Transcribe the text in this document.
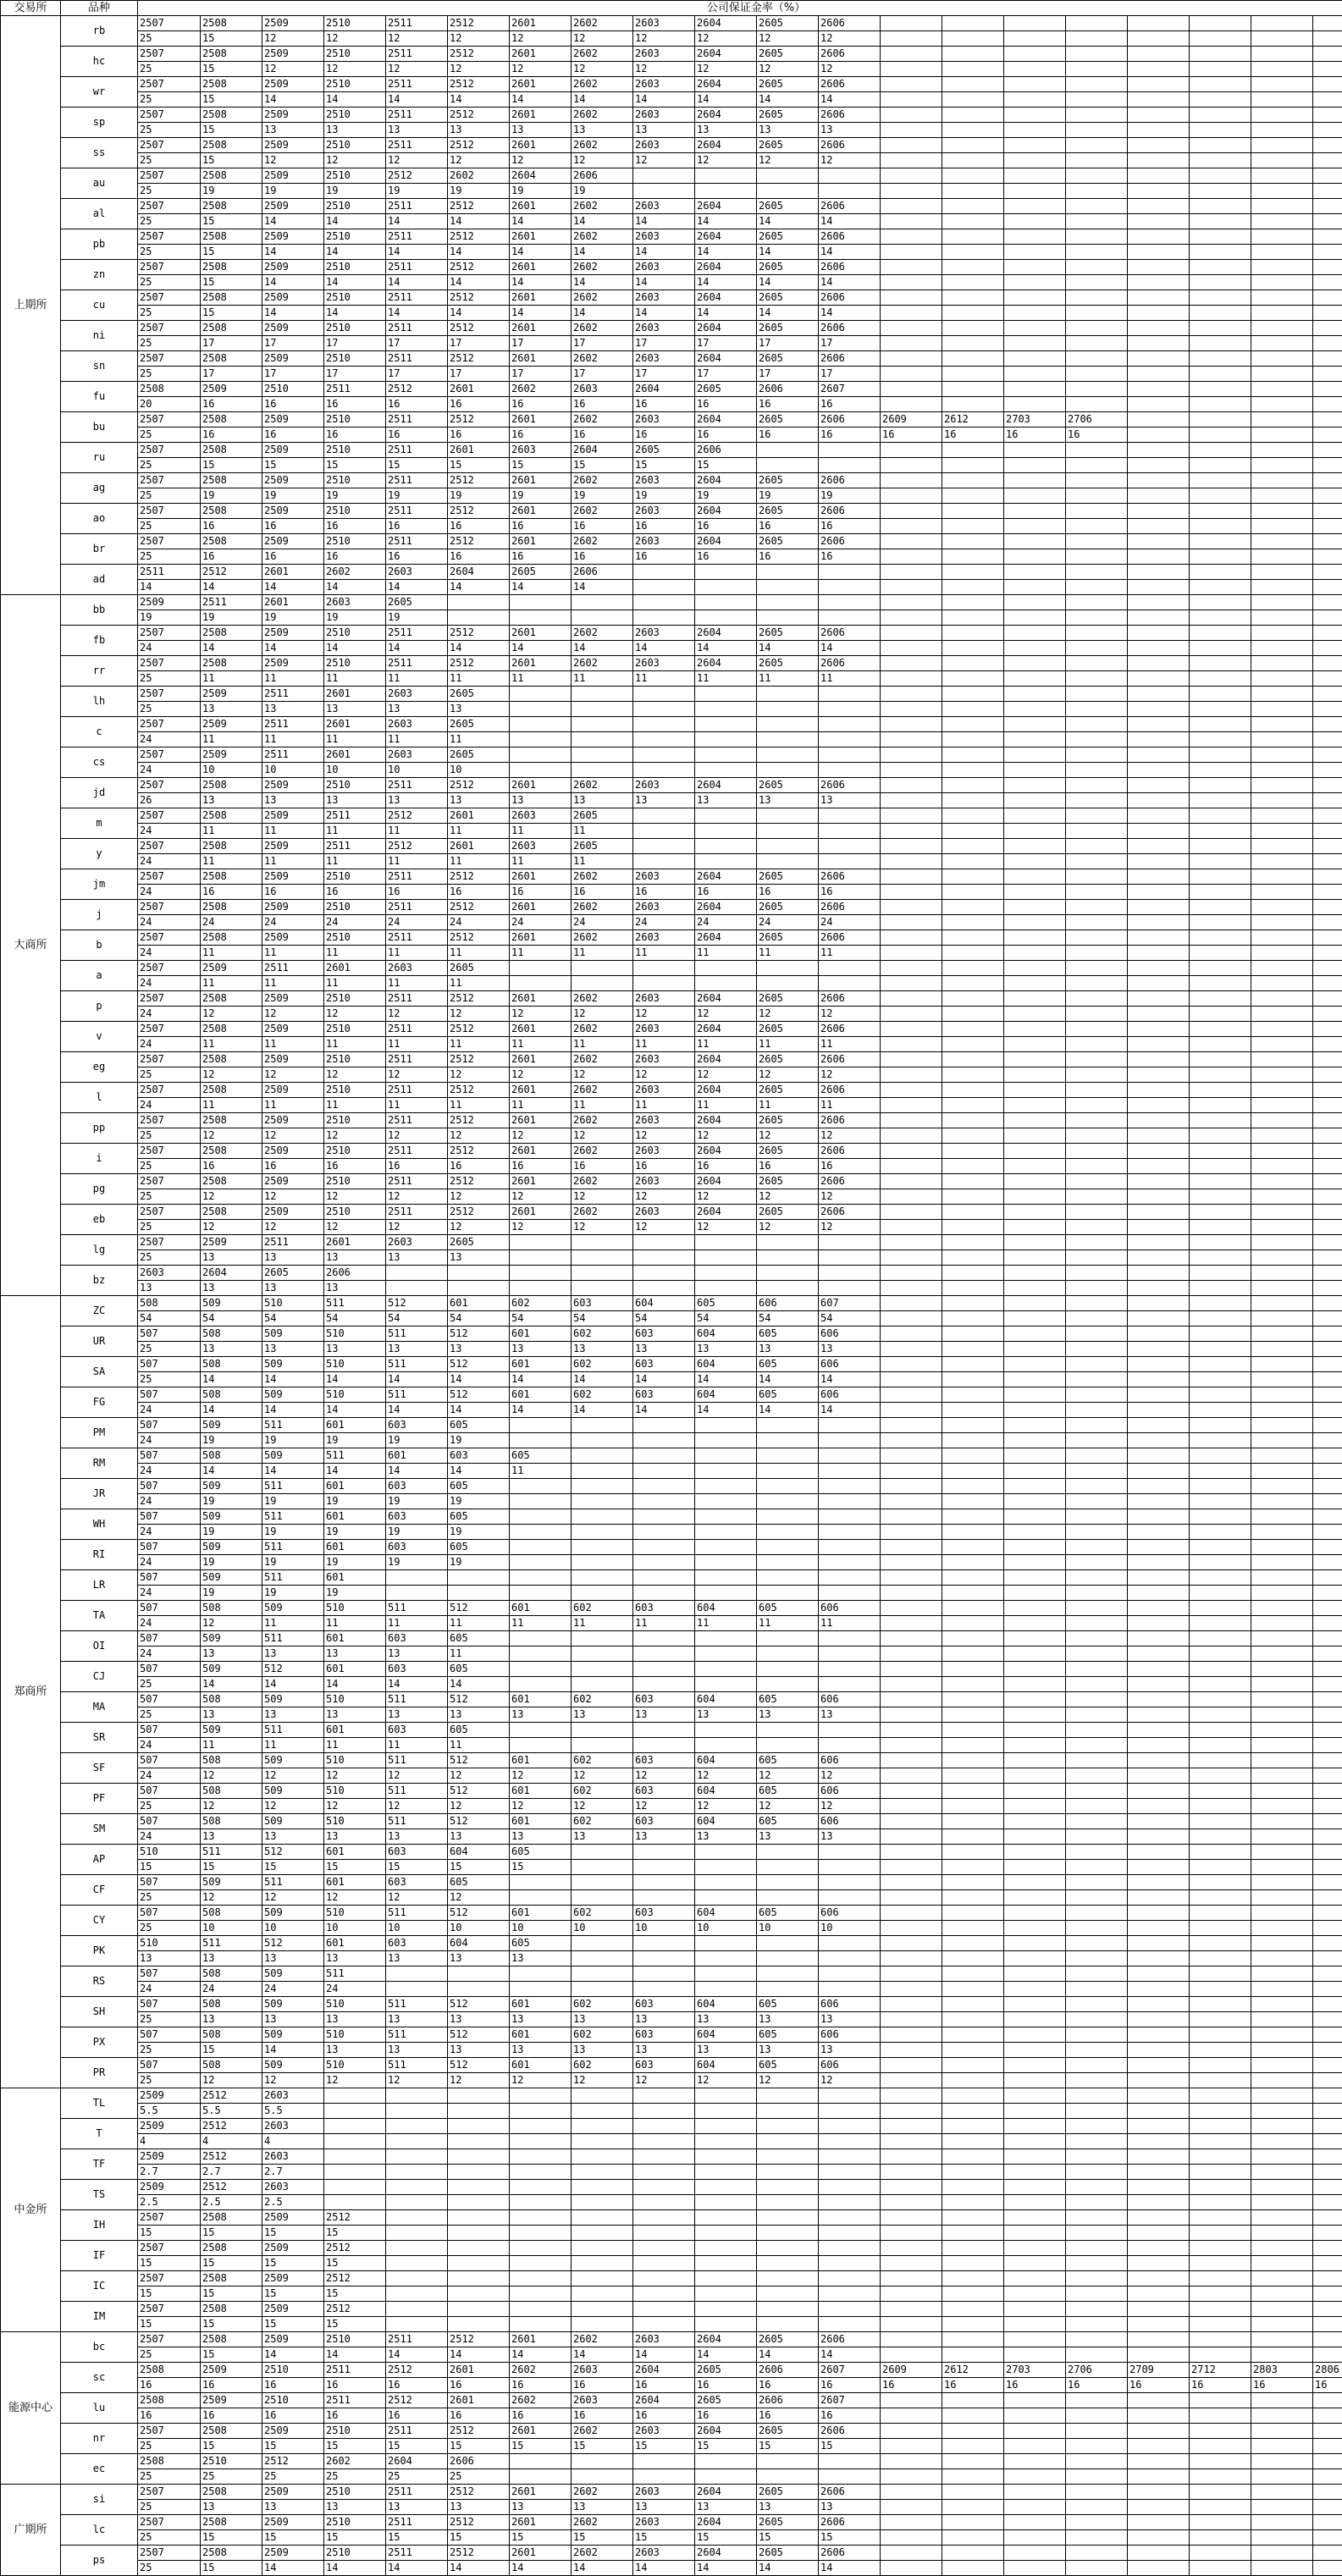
交易所	品种	公司保证金率（%）																			
上期所	rb	2507	2508	2509	2510	2511	2512	2601	2602	2603	2604	2605	2606								
		25	15	12	12	12	12	12	12	12	12	12	12								
	hc	2507	2508	2509	2510	2511	2512	2601	2602	2603	2604	2605	2606								
		25	15	12	12	12	12	12	12	12	12	12	12								
	wr	2507	2508	2509	2510	2511	2512	2601	2602	2603	2604	2605	2606								
		25	15	14	14	14	14	14	14	14	14	14	14								
	sp	2507	2508	2509	2510	2511	2512	2601	2602	2603	2604	2605	2606								
		25	15	13	13	13	13	13	13	13	13	13	13								
	ss	2507	2508	2509	2510	2511	2512	2601	2602	2603	2604	2605	2606								
		25	15	12	12	12	12	12	12	12	12	12	12								
	au	2507	2508	2509	2510	2512	2602	2604	2606												
		25	19	19	19	19	19	19	19												
	al	2507	2508	2509	2510	2511	2512	2601	2602	2603	2604	2605	2606								
		25	15	14	14	14	14	14	14	14	14	14	14								
	pb	2507	2508	2509	2510	2511	2512	2601	2602	2603	2604	2605	2606								
		25	15	14	14	14	14	14	14	14	14	14	14								
	zn	2507	2508	2509	2510	2511	2512	2601	2602	2603	2604	2605	2606								
		25	15	14	14	14	14	14	14	14	14	14	14								
	cu	2507	2508	2509	2510	2511	2512	2601	2602	2603	2604	2605	2606								
		25	15	14	14	14	14	14	14	14	14	14	14								
	ni	2507	2508	2509	2510	2511	2512	2601	2602	2603	2604	2605	2606								
		25	17	17	17	17	17	17	17	17	17	17	17								
	sn	2507	2508	2509	2510	2511	2512	2601	2602	2603	2604	2605	2606								
		25	17	17	17	17	17	17	17	17	17	17	17								
	fu	2508	2509	2510	2511	2512	2601	2602	2603	2604	2605	2606	2607								
		20	16	16	16	16	16	16	16	16	16	16	16								
	bu	2507	2508	2509	2510	2511	2512	2601	2602	2603	2604	2605	2606	2609	2612	2703	2706				
		25	16	16	16	16	16	16	16	16	16	16	16	16	16	16	16				
	ru	2507	2508	2509	2510	2511	2601	2603	2604	2605	2606										
		25	15	15	15	15	15	15	15	15	15										
	ag	2507	2508	2509	2510	2511	2512	2601	2602	2603	2604	2605	2606								
		25	19	19	19	19	19	19	19	19	19	19	19								
	ao	2507	2508	2509	2510	2511	2512	2601	2602	2603	2604	2605	2606								
		25	16	16	16	16	16	16	16	16	16	16	16								
	br	2507	2508	2509	2510	2511	2512	2601	2602	2603	2604	2605	2606								
		25	16	16	16	16	16	16	16	16	16	16	16								
	ad	2511	2512	2601	2602	2603	2604	2605	2606												
		14	14	14	14	14	14	14	14												
大商所	bb	2509	2511	2601	2603	2605															
		19	19	19	19	19															
	fb	2507	2508	2509	2510	2511	2512	2601	2602	2603	2604	2605	2606								
		24	14	14	14	14	14	14	14	14	14	14	14								
	rr	2507	2508	2509	2510	2511	2512	2601	2602	2603	2604	2605	2606								
		25	11	11	11	11	11	11	11	11	11	11	11								
	lh	2507	2509	2511	2601	2603	2605														
		25	13	13	13	13	13														
	c	2507	2509	2511	2601	2603	2605														
		24	11	11	11	11	11														
	cs	2507	2509	2511	2601	2603	2605														
		24	10	10	10	10	10														
	jd	2507	2508	2509	2510	2511	2512	2601	2602	2603	2604	2605	2606								
		26	13	13	13	13	13	13	13	13	13	13	13								
	m	2507	2508	2509	2511	2512	2601	2603	2605												
		24	11	11	11	11	11	11	11												
	y	2507	2508	2509	2511	2512	2601	2603	2605												
		24	11	11	11	11	11	11	11												
	jm	2507	2508	2509	2510	2511	2512	2601	2602	2603	2604	2605	2606								
		24	16	16	16	16	16	16	16	16	16	16	16								
	j	2507	2508	2509	2510	2511	2512	2601	2602	2603	2604	2605	2606								
		24	24	24	24	24	24	24	24	24	24	24	24								
	b	2507	2508	2509	2510	2511	2512	2601	2602	2603	2604	2605	2606								
		24	11	11	11	11	11	11	11	11	11	11	11								
	a	2507	2509	2511	2601	2603	2605														
		24	11	11	11	11	11														
	p	2507	2508	2509	2510	2511	2512	2601	2602	2603	2604	2605	2606								
		24	12	12	12	12	12	12	12	12	12	12	12								
	v	2507	2508	2509	2510	2511	2512	2601	2602	2603	2604	2605	2606								
		24	11	11	11	11	11	11	11	11	11	11	11								
	eg	2507	2508	2509	2510	2511	2512	2601	2602	2603	2604	2605	2606								
		25	12	12	12	12	12	12	12	12	12	12	12								
	l	2507	2508	2509	2510	2511	2512	2601	2602	2603	2604	2605	2606								
		24	11	11	11	11	11	11	11	11	11	11	11								
	pp	2507	2508	2509	2510	2511	2512	2601	2602	2603	2604	2605	2606								
		25	12	12	12	12	12	12	12	12	12	12	12								
	i	2507	2508	2509	2510	2511	2512	2601	2602	2603	2604	2605	2606								
		25	16	16	16	16	16	16	16	16	16	16	16								
	pg	2507	2508	2509	2510	2511	2512	2601	2602	2603	2604	2605	2606								
		25	12	12	12	12	12	12	12	12	12	12	12								
	eb	2507	2508	2509	2510	2511	2512	2601	2602	2603	2604	2605	2606								
		25	12	12	12	12	12	12	12	12	12	12	12								
	lg	2507	2509	2511	2601	2603	2605														
		25	13	13	13	13	13														
	bz	2603	2604	2605	2606																
		13	13	13	13																
郑商所	ZC	508	509	510	511	512	601	602	603	604	605	606	607								
		54	54	54	54	54	54	54	54	54	54	54	54								
	UR	507	508	509	510	511	512	601	602	603	604	605	606								
		25	13	13	13	13	13	13	13	13	13	13	13								
	SA	507	508	509	510	511	512	601	602	603	604	605	606								
		25	14	14	14	14	14	14	14	14	14	14	14								
	FG	507	508	509	510	511	512	601	602	603	604	605	606								
		24	14	14	14	14	14	14	14	14	14	14	14								
	PM	507	509	511	601	603	605														
		24	19	19	19	19	19														
	RM	507	508	509	511	601	603	605													
		24	14	14	14	14	14	11													
	JR	507	509	511	601	603	605														
		24	19	19	19	19	19														
	WH	507	509	511	601	603	605														
		24	19	19	19	19	19														
	RI	507	509	511	601	603	605														
		24	19	19	19	19	19														
	LR	507	509	511	601																
		24	19	19	19																
	TA	507	508	509	510	511	512	601	602	603	604	605	606								
		24	12	11	11	11	11	11	11	11	11	11	11								
	OI	507	509	511	601	603	605														
		24	13	13	13	13	11														
	CJ	507	509	512	601	603	605														
		25	14	14	14	14	14														
	MA	507	508	509	510	511	512	601	602	603	604	605	606								
		25	13	13	13	13	13	13	13	13	13	13	13								
	SR	507	509	511	601	603	605														
		24	11	11	11	11	11														
	SF	507	508	509	510	511	512	601	602	603	604	605	606								
		24	12	12	12	12	12	12	12	12	12	12	12								
	PF	507	508	509	510	511	512	601	602	603	604	605	606								
		25	12	12	12	12	12	12	12	12	12	12	12								
	SM	507	508	509	510	511	512	601	602	603	604	605	606								
		24	13	13	13	13	13	13	13	13	13	13	13								
	AP	510	511	512	601	603	604	605													
		15	15	15	15	15	15	15													
	CF	507	509	511	601	603	605														
		25	12	12	12	12	12														
	CY	507	508	509	510	511	512	601	602	603	604	605	606								
		25	10	10	10	10	10	10	10	10	10	10	10								
	PK	510	511	512	601	603	604	605													
		13	13	13	13	13	13	13													
	RS	507	508	509	511																
		24	24	24	24																
	SH	507	508	509	510	511	512	601	602	603	604	605	606								
		25	13	13	13	13	13	13	13	13	13	13	13								
	PX	507	508	509	510	511	512	601	602	603	604	605	606								
		25	15	14	13	13	13	13	13	13	13	13	13								
	PR	507	508	509	510	511	512	601	602	603	604	605	606								
		25	12	12	12	12	12	12	12	12	12	12	12								
中金所	TL	2509	2512	2603																	
		5.5	5.5	5.5																	
	T	2509	2512	2603																	
		4	4	4																	
	TF	2509	2512	2603																	
		2.7	2.7	2.7																	
	TS	2509	2512	2603																	
		2.5	2.5	2.5																	
	IH	2507	2508	2509	2512																
		15	15	15	15																
	IF	2507	2508	2509	2512																
		15	15	15	15																
	IC	2507	2508	2509	2512																
		15	15	15	15																
	IM	2507	2508	2509	2512																
		15	15	15	15																
能源中心	bc	2507	2508	2509	2510	2511	2512	2601	2602	2603	2604	2605	2606								
		25	15	14	14	14	14	14	14	14	14	14	14								
	sc	2508	2509	2510	2511	2512	2601	2602	2603	2604	2605	2606	2607	2609	2612	2703	2706	2709	2712	2803	2806
		16	16	16	16	16	16	16	16	16	16	16	16	16	16	16	16	16	16	16	16
	lu	2508	2509	2510	2511	2512	2601	2602	2603	2604	2605	2606	2607								
		16	16	16	16	16	16	16	16	16	16	16	16								
	nr	2507	2508	2509	2510	2511	2512	2601	2602	2603	2604	2605	2606								
		25	15	15	15	15	15	15	15	15	15	15	15								
	ec	2508	2510	2512	2602	2604	2606														
		25	25	25	25	25	25														
广期所	si	2507	2508	2509	2510	2511	2512	2601	2602	2603	2604	2605	2606								
		25	13	13	13	13	13	13	13	13	13	13	13								
	lc	2507	2508	2509	2510	2511	2512	2601	2602	2603	2604	2605	2606								
		25	15	15	15	15	15	15	15	15	15	15	15								
	ps	2507	2508	2509	2510	2511	2512	2601	2602	2603	2604	2605	2606								
		25	15	14	14	14	14	14	14	14	14	14	14								
